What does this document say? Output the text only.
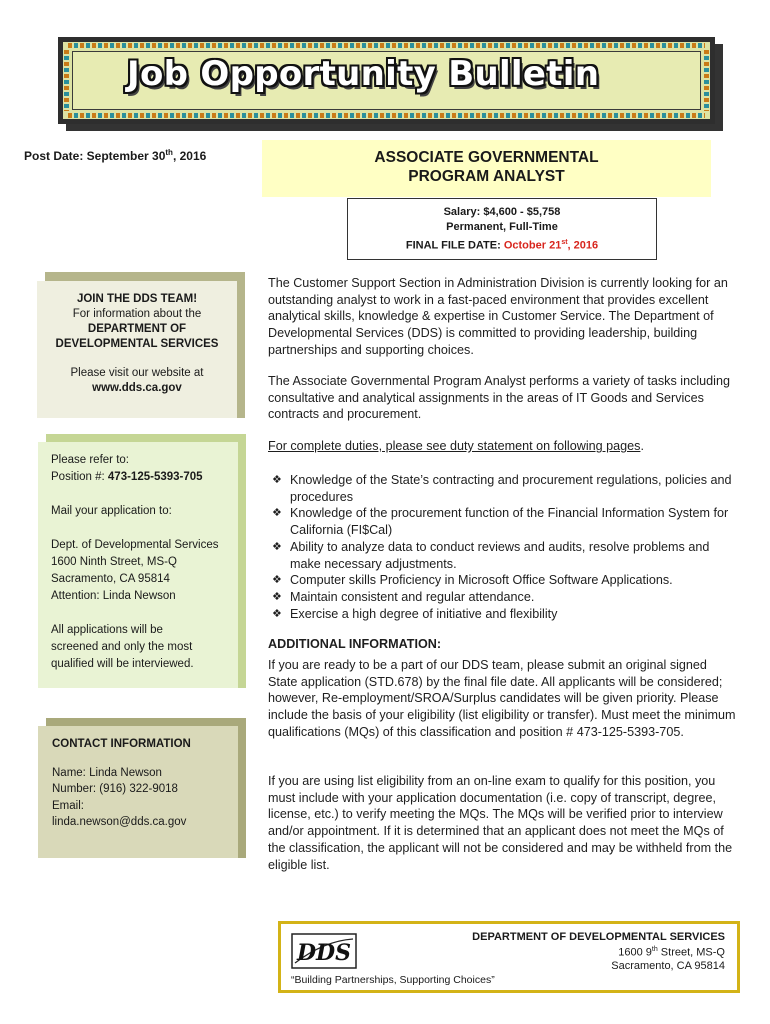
Job Opportunity Bulletin
Post Date: September 30th, 2016	ASSOCIATE GOVERNMENTAL
PROGRAM ANALYST
Salary: $4,600 - $5,758
Permanent, Full-Time
FINAL FILE DATE: October 21st, 2016
JOIN THE DDS TEAM!
For information about the
DEPARTMENT OF
DEVELOPMENTAL SERVICES
Please visit our website at
www.dds.ca.gov
Please refer to:
Position #: 473-125-5393-705
Mail your application to:
Dept. of Developmental Services
1600 Ninth Street, MS-Q
Sacramento, CA 95814
Attention: Linda Newson
All applications will be
screened and only the most
qualified will be interviewed.
CONTACT INFORMATION
Name: Linda Newson
Number: (916) 322-9018
Email:
linda.newson@dds.ca.gov
The Customer Support Section in Administration Division is currently looking for an outstanding analyst to work in a fast-paced environment that provides excellent analytical skills, knowledge & expertise in Customer Service. The Department of Developmental Services (DDS) is committed to providing leadership, building partnerships and supporting choices.
The Associate Governmental Program Analyst performs a variety of tasks including consultative and analytical assignments in the areas of IT Goods and Services contracts and procurement.
For complete duties, please see duty statement on following pages.
❖ Knowledge of the State’s contracting and procurement regulations, policies and procedures
❖ Knowledge of the procurement function of the Financial Information System for California (FI$Cal)
❖ Ability to analyze data to conduct reviews and audits, resolve problems and make necessary adjustments.
❖ Computer skills Proficiency in Microsoft Office Software Applications.
❖ Maintain consistent and regular attendance.
❖ Exercise a high degree of initiative and flexibility
ADDITIONAL INFORMATION:
If you are ready to be a part of our DDS team, please submit an original signed State application (STD.678) by the final file date. All applicants will be considered; however, Re-employment/SROA/Surplus candidates will be given priority. Please include the basis of your eligibility (list eligibility or transfer). Must meet the minimum qualifications (MQs) of this classification and position # 473-125-5393-705.
If you are using list eligibility from an on-line exam to qualify for this position, you must include with your application documentation (i.e. copy of transcript, degree, license, etc.) to verify meeting the MQs. The MQs will be verified prior to interview and/or appointment. If it is determined that an applicant does not meet the MQs of the classification, the applicant will not be considered and may be withheld from the eligible list.
DDS
DEPARTMENT OF DEVELOPMENTAL SERVICES
1600 9th Street, MS-Q
Sacramento, CA 95814
“Building Partnerships, Supporting Choices”
